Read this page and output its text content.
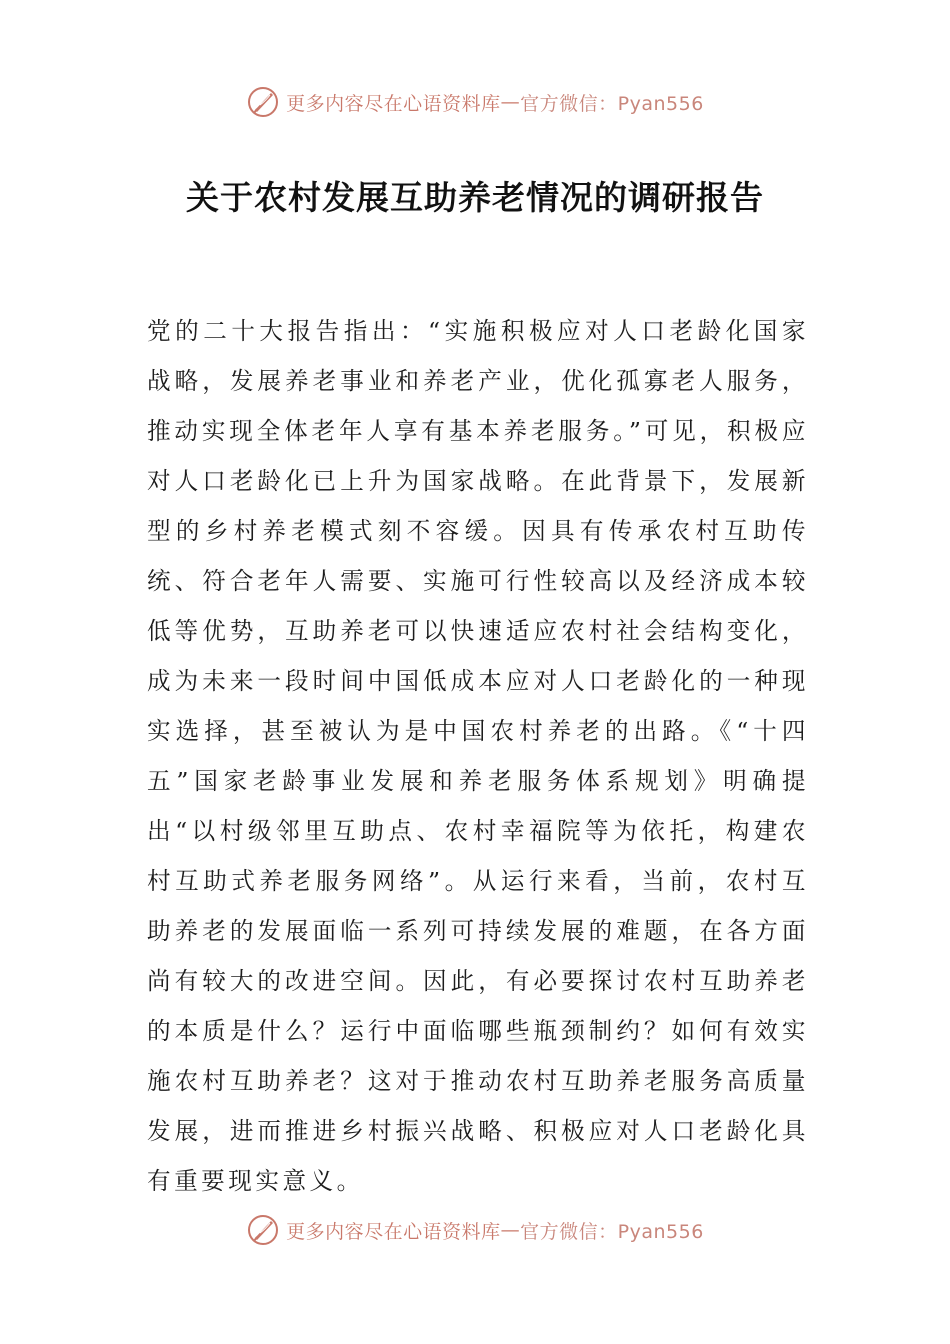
更多内容尽在心语资料库 — 官方微信：Pyan556
关于农村发展互助养老情况的调研报告

党的二十大报告指出：“实施积极应对人口老龄化国家战略，发展养老事业和养老产业，优化孤寡老人服务，推动实现全体老年人享有基本养老服务。”可见，积极应对人口老龄化已上升为国家战略。在此背景下，发展新型的乡村养老模式刻不容缓。因具有传承农村互助传统、符合老年人需要、实施可行性较高以及经济成本较低等优势，互助养老可以快速适应农村社会结构变化，成为未来一段时间中国低成本应对人口老龄化的一种现实选择，甚至被认为是中国农村养老的出路。《“十四五”国家老龄事业发展和养老服务体系规划》明确提出“以村级邻里互助点、农村幸福院等为依托，构建农村互助式养老服务网络”。从运行来看，当前，农村互助养老的发展面临一系列可持续发展的难题，在各方面尚有较大的改进空间。因此，有必要探讨农村互助养老的本质是什么？运行中面临哪些瓶颈制约？如何有效实施农村互助养老？这对于推动农村互助养老服务高质量发展，进而推进乡村振兴战略、积极应对人口老龄化具有重要现实意义。

更多内容尽在心语资料库 — 官方微信：Pyan556
